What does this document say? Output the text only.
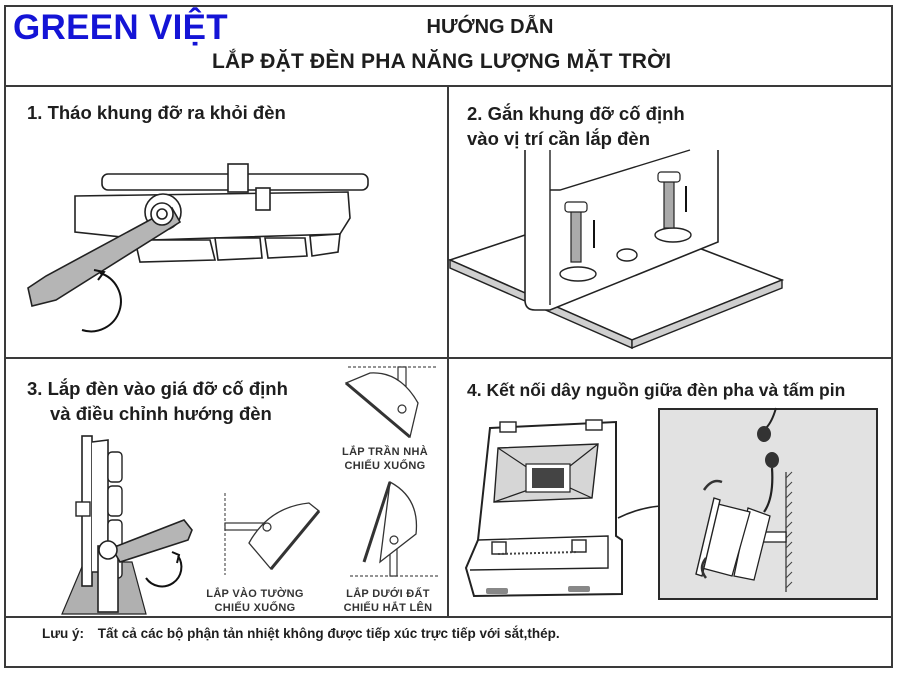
GREEN VIỆT	HƯỚNG DẪN
LẮP ĐẶT ĐÈN PHA NĂNG LƯỢNG MẶT TRỜI
1. Tháo khung đỡ ra khỏi đèn	2. Gắn khung đỡ cố định
vào vị trí cần lắp đèn
3. Lắp đèn vào giá đỡ cố định
và điều chỉnh hướng đèn
LẮP TRẦN NHÀ
CHIẾU XUỐNG
LẮP VÀO TƯỜNG
CHIẾU XUỐNG
LẮP DƯỚI ĐẤT
CHIẾU HẮT LÊN
4. Kết nối dây nguồn giữa đèn pha và tấm pin
Lưu ý: Tất cả các bộ phận tản nhiệt không được tiếp xúc trực tiếp với sắt,thép.
